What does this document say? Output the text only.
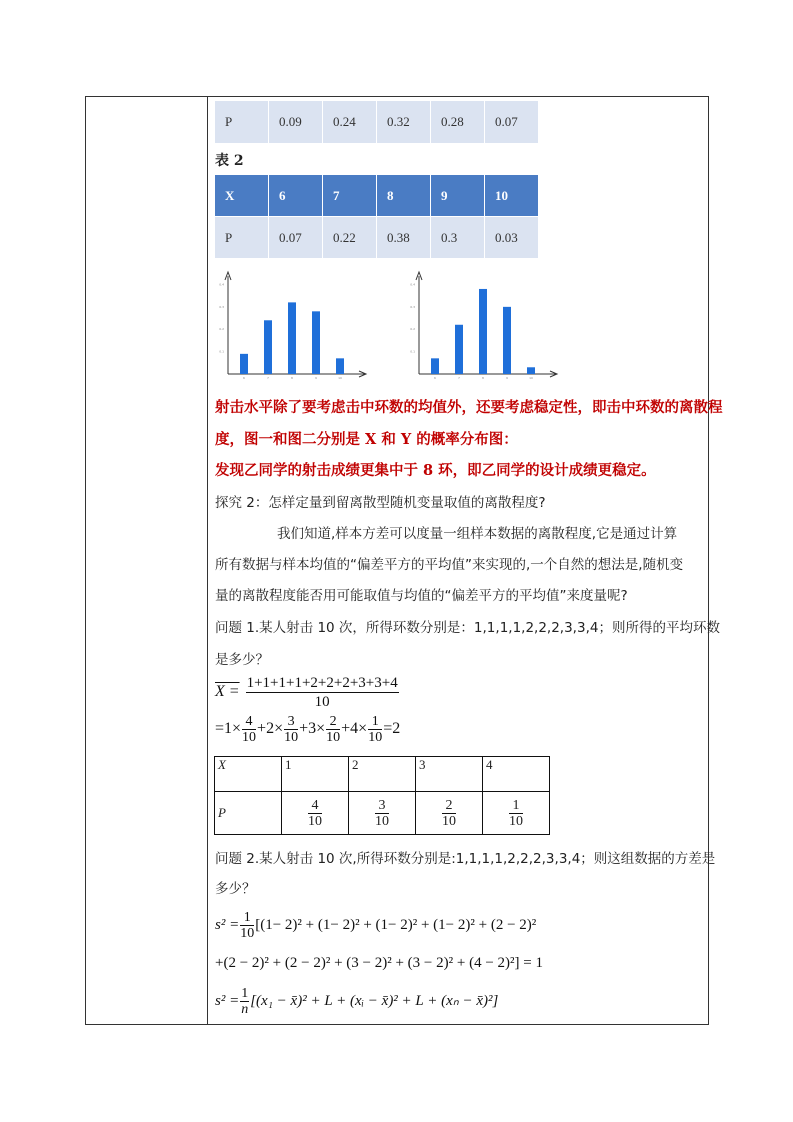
P	0.09	0.24	0.32	0.28	0.07
表 2
X	6	7	8	9	10
P	0.07	0.22	0.38	0.3	0.03
0.1
0.2
0.3
0.4
6	7	8	9	10
0.1
0.2
0.3
0.4
6	7	8	9	10
射击水平除了要考虑击中环数的均值外，还要考虑稳定性，即击中环数的离散程
度，图一和图二分别是 X 和 Y 的概率分布图：
发现乙同学的射击成绩更集中于 8 环，即乙同学的设计成绩更稳定。
探究 2：怎样定量到留离散型随机变量取值的离散程度?
我们知道,样本方差可以度量一组样本数据的离散程度,它是通过计算
所有数据与样本均值的“偏差平方的平均值”来实现的,一个自然的想法是,随机变
量的离散程度能否用可能取值与均值的“偏差平方的平均值”来度量呢?
问题 1.某人射击 10 次，所得环数分别是：1,1,1,1,2,2,2,3,3,4；则所得的平均环数
是多少？
$X = \frac{1+1+1+1+2+2+2+3+3+4}{10}$
$=1\times \frac{4}{10} +2\times \frac{3}{10} +3\times \frac{2}{10} +4\times \frac{1}{10} =2$
X	1	2	3	4
P	$\frac{4}{10}$	$\frac{3}{10}$	$\frac{2}{10}$	$\frac{1}{10}$
问题 2.某人射击 10 次,所得环数分别是:1,1,1,1,2,2,2,3,3,4；则这组数据的方差是
多少？
$s^2 = \frac{1}{10} [(1- 2)^2 + (1- 2)^2 + (1- 2)^2 + (1- 2)^2 + (2 - 2)^2$
+(2 − 2)² + (2 − 2)² + (3 − 2)² + (3 − 2)² + (4 − 2)²] = 1
$s^2 = \frac{1}{n} [(x_1$ − x̄)² + L + (xᵢ − x̄)² + L + (xₙ − x̄)²]
